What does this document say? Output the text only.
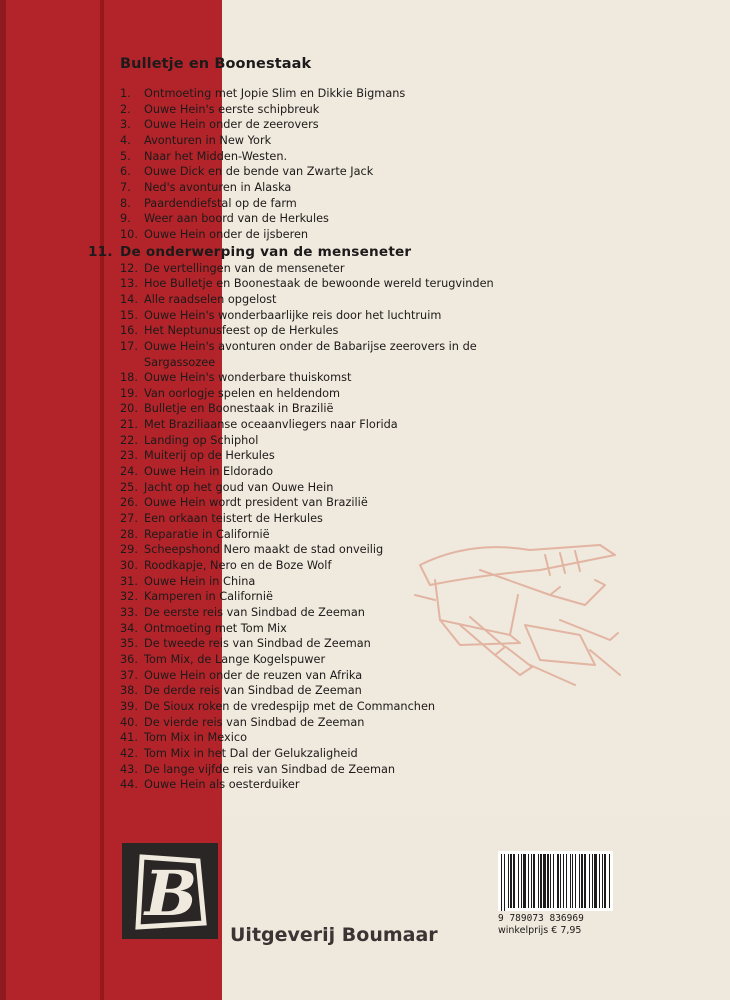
Bulletje en Boonestaak
1.	Ontmoeting met Jopie Slim en Dikkie Bigmans
2.	Ouwe Hein's eerste schipbreuk
3.	Ouwe Hein onder de zeerovers
4.	Avonturen in New York
5.	Naar het Midden-Westen.
6.	Ouwe Dick en de bende van Zwarte Jack
7.	Ned's avonturen in Alaska
8.	Paardendiefstal op de farm
9.	Weer aan boord van de Herkules
10. Ouwe Hein onder de ijsberen
11. De onderwerping van de menseneter
12. De vertellingen van de menseneter
13. Hoe Bulletje en Boonestaak de bewoonde wereld terugvinden
14. Alle raadselen opgelost
15. Ouwe Hein's wonderbaarlijke reis door het luchtruim
16. Het Neptunusfeest op de Herkules
17. Ouwe Hein's avonturen onder de Babarijse zeerovers in de Sargassozee
18. Ouwe Hein's wonderbare thuiskomst
19. Van oorlogje spelen en heldendom
20. Bulletje en Boonestaak in Brazilië
21. Met Braziliaanse oceaanvliegers naar Florida
22. Landing op Schiphol
23. Muiterij op de Herkules
24. Ouwe Hein in Eldorado
25. Jacht op het goud van Ouwe Hein
26. Ouwe Hein wordt president van Brazilië
27. Een orkaan teistert de Herkules
28. Reparatie in Californië
29. Scheepshond Nero maakt de stad onveilig
30. Roodkapje, Nero en de Boze Wolf
31. Ouwe Hein in China
32. Kamperen in Californië
33. De eerste reis van Sindbad de Zeeman
34. Ontmoeting met Tom Mix
35. De tweede reis van Sindbad de Zeeman
36. Tom Mix, de Lange Kogelspuwer
37. Ouwe Hein onder de reuzen van Afrika
38. De derde reis van Sindbad de Zeeman
39. De Sioux roken de vredespijp met de Commanchen
40. De vierde reis van Sindbad de Zeeman
41. Tom Mix in Mexico
42. Tom Mix in het Dal der Gelukzaligheid
43. De lange vijfde reis van Sindbad de Zeeman
44. Ouwe Hein als oesterduiker
B

Uitgeverij Boumaar

9 789073 836969
winkelprijs € 7,95
